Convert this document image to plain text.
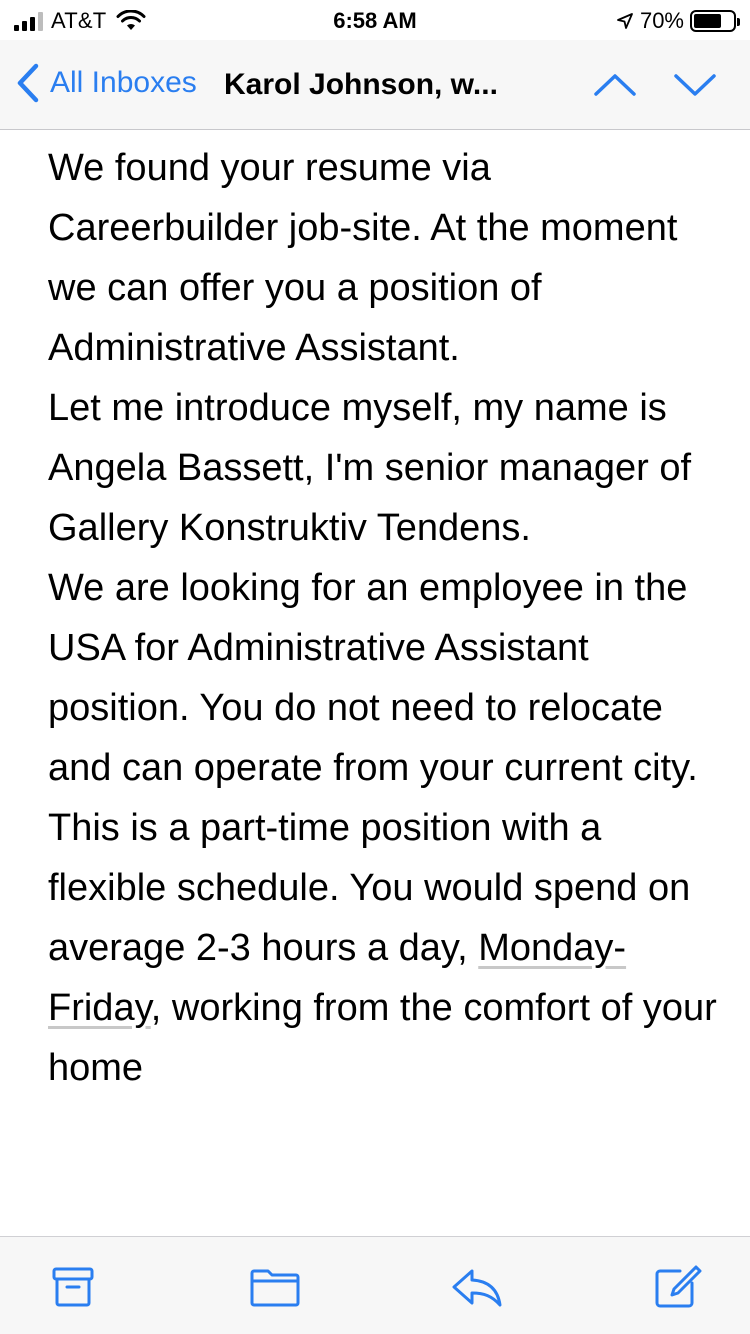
AT&T	6:58 AM	70%
All Inboxes Karol Johnson, w...

We found your resume via Careerbuilder job-site. At the moment we can offer you a position of Administrative Assistant.

Let me introduce myself, my name is Angela Bassett, I'm senior manager of Gallery Konstruktiv Tendens.

We are looking for an employee in the USA for Administrative Assistant position. You do not need to relocate and can operate from your current city.

This is a part-time position with a flexible schedule. You would spend on average 2-3 hours a day, Monday-Friday, working from the comfort of your home
